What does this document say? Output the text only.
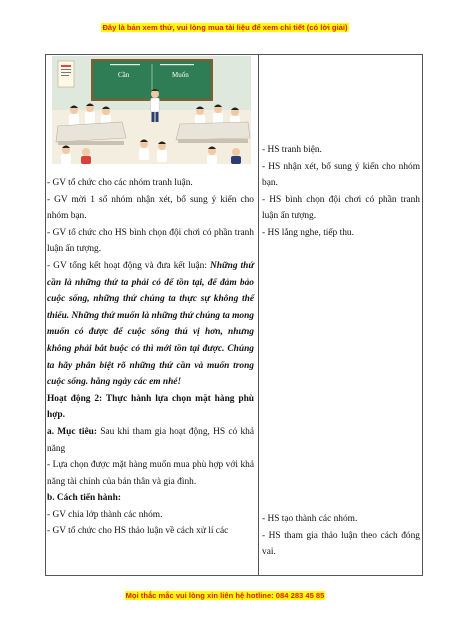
Đây là bản xem thử, vui lòng mua tài liệu để xem chi tiết (có lời giải)
Cần	Muốn

- GV tổ chức cho các nhóm tranh luận.

- GV mời 1 số nhóm nhận xét, bổ sung ý kiến cho nhóm bạn.

- GV tổ chức cho HS bình chọn đội chơi có phần tranh luận ấn tượng.

- GV tổng kết hoạt động và đưa kết luận: Những thứ cần là những thứ ta phải có để tồn tại, để đảm bảo cuộc sống, những thứ chúng ta thực sự không thể thiếu. Những thứ muốn là những thứ chúng ta mong muốn có được để cuộc sống thú vị hơn, nhưng không phải bắt buộc có thì mới tồn tại được. Chúng ta hãy phân biệt rõ những thứ cần và muốn trong cuộc sống. hằng ngày các em nhé!

Hoạt động 2: Thực hành lựa chọn mặt hàng phù hợp.

a. Mục tiêu: Sau khi tham gia hoạt động, HS có khả năng

- Lựa chọn được mặt hàng muốn mua phù hợp với khả năng tài chính của bản thân và gia đình.

b. Cách tiến hành:

- GV chia lớp thành các nhóm.

- GV tổ chức cho HS thảo luận về cách xử lí các

- HS tranh biện.

- HS nhận xét, bổ sung ý kiến cho nhóm bạn.

- HS bình chọn đội chơi có phần tranh luận ấn tượng.

- HS lắng nghe, tiếp thu.

- HS tạo thành các nhóm.

- HS tham gia thảo luận theo cách đóng vai.

Mọi thắc mắc vui lòng xin liên hệ hotline: 084 283 45 85
